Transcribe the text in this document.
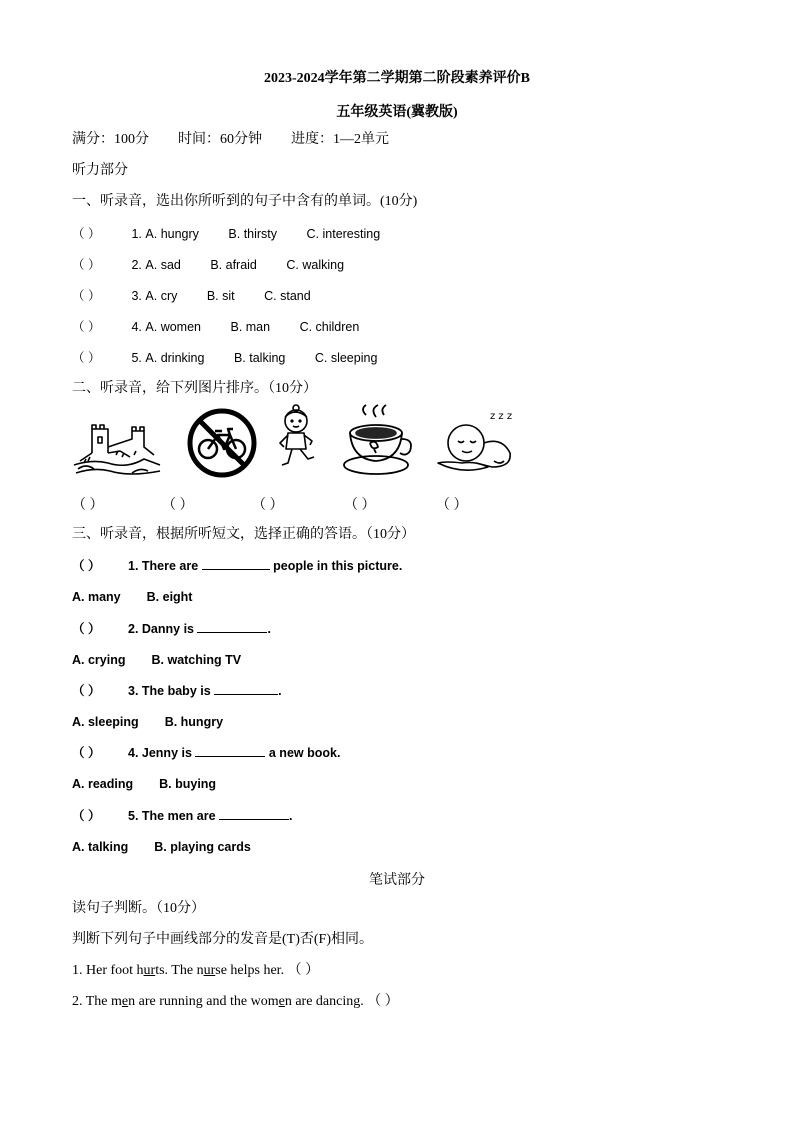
2023-2024学年第二学期第二阶段素养评价B
五年级英语(冀教版)
满分：100分 时间：60分钟 进度：1—2单元
听力部分
一、听录音，选出你所听到的句子中含有的单词。(10分)
（ ） 1. A. hungry B. thirsty C. interesting
（ ） 2. A. sad B. afraid C. walking
（ ） 3. A. cry B. sit C. stand
（ ） 4. A. women B. man C. children
（ ） 5. A. drinking B. talking C. sleeping
二、听录音，给下列图片排序。（10分）
z z z
（ ）	（ ）	（ ）	（ ）	（ ）
三、听录音，根据所听短文，选择正确的答语。（10分）
（ ） 1. There are	people in this picture.
A. many B. eight
（ ） 2. Danny is	.
A. crying B. watching TV
（ ） 3. The baby is	.
A. sleeping B. hungry
（ ） 4. Jenny is	a new book.
A. reading B. buying
（ ） 5. The men are	.
A. talking B. playing cards
笔试部分
读句子判断。（10分）
判断下列句子中画线部分的发音是(T)否(F)相同。
1. Her foot hurts. The nurse helps her. （ ）
2. The men are running and the women are dancing. （ ）
